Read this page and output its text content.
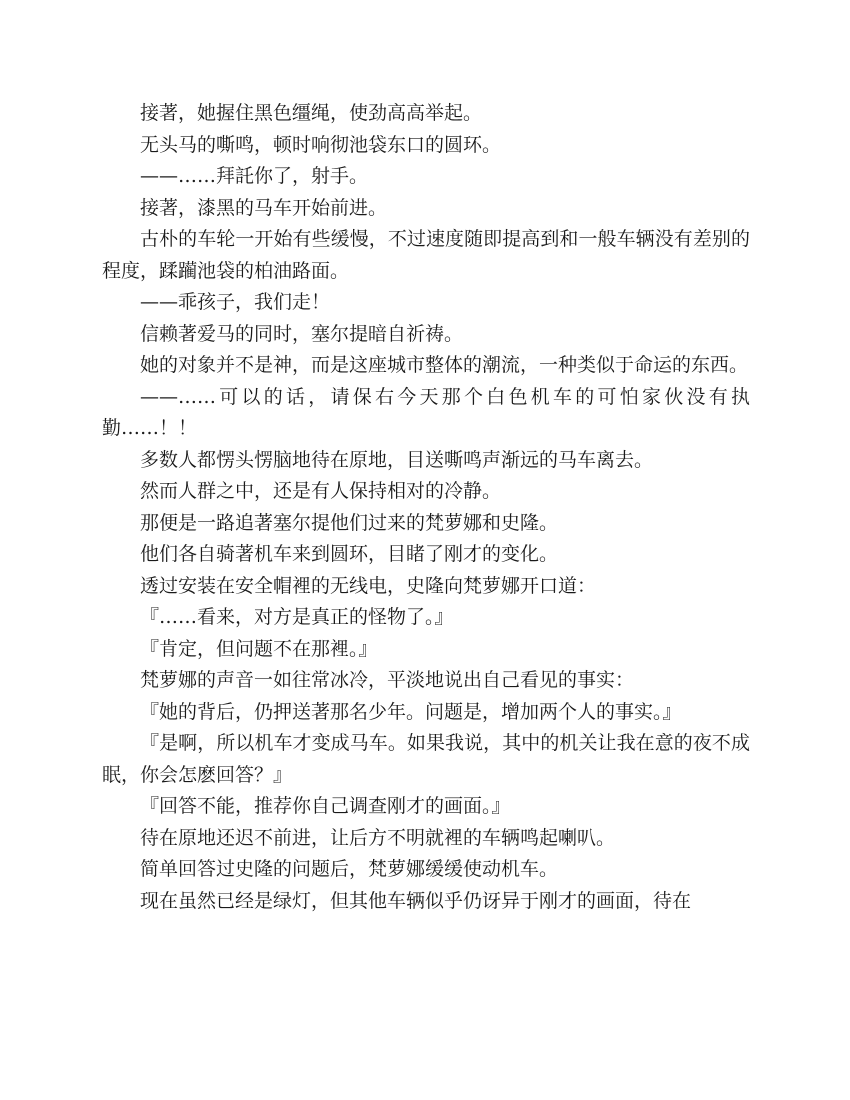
接著，她握住黑色缰绳，使劲高高举起。

无头马的嘶鸣，顿时响彻池袋东口的圆环。

——……拜託你了，射手。

接著，漆黑的马车开始前进。

古朴的车轮一开始有些缓慢，不过速度随即提高到和一般车辆没有差别的程度，蹂躏池袋的柏油路面。

——乖孩子，我们走！

信赖著爱马的同时，塞尔提暗自祈祷。

她的对象并不是神，而是这座城市整体的潮流，一种类似于命运的东西。

——……可以的话，请保右今天那个白色机车的可怕家伙没有执勤……！！

多数人都愣头愣脑地待在原地，目送嘶鸣声渐远的马车离去。

然而人群之中，还是有人保持相对的冷静。

那便是一路追著塞尔提他们过来的梵萝娜和史隆。

他们各自骑著机车来到圆环，目睹了刚才的变化。

透过安装在安全帽裡的无线电，史隆向梵萝娜开口道：

『……看来，对方是真正的怪物了。』

『肯定，但问题不在那裡。』

梵萝娜的声音一如往常冰冷，平淡地说出自己看见的事实：

『她的背后，仍押送著那名少年。问题是，增加两个人的事实。』

『是啊，所以机车才变成马车。如果我说，其中的机关让我在意的夜不成眠，你会怎麽回答？』

『回答不能，推荐你自己调查刚才的画面。』

待在原地还迟不前进，让后方不明就裡的车辆鸣起喇叭。

简单回答过史隆的问题后，梵萝娜缓缓使动机车。

现在虽然已经是绿灯，但其他车辆似乎仍讶异于刚才的画面，待在
